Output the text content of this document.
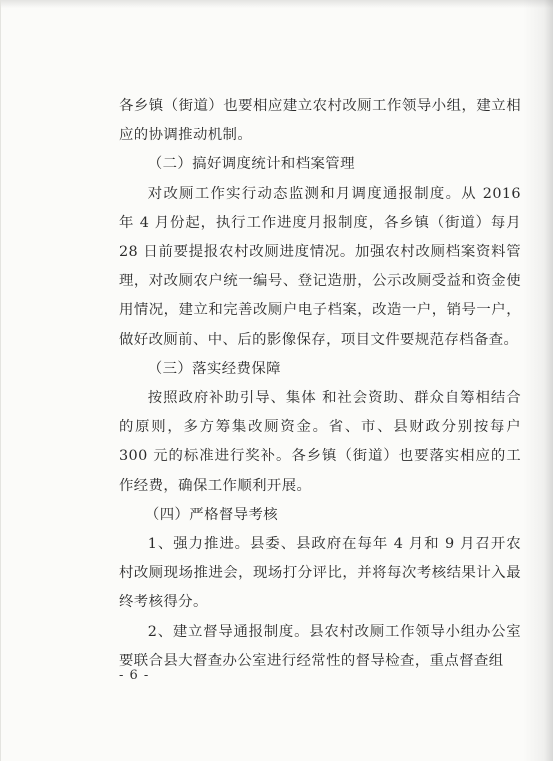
各乡镇（街道）也要相应建立农村改厕工作领导小组，建立相应的协调推动机制。

（二）搞好调度统计和档案管理

对改厕工作实行动态监测和月调度通报制度。从 2016 年 4 月份起，执行工作进度月报制度，各乡镇（街道）每月 28 日前要提报农村改厕进度情况。加强农村改厕档案资料管理，对改厕农户统一编号、登记造册，公示改厕受益和资金使用情况，建立和完善改厕户电子档案，改造一户，销号一户，做好改厕前、中、后的影像保存，项目文件要规范存档备查。

（三）落实经费保障

按照政府补助引导、集体 和社会资助、群众自筹相结合的原则，多方筹集改厕资金。省、市、县财政分别按每户 300 元的标准进行奖补。各乡镇（街道）也要落实相应的工作经费，确保工作顺利开展。

（四）严格督导考核

1、强力推进。县委、县政府在每年 4 月和 9 月召开农村改厕现场推进会，现场打分评比，并将每次考核结果计入最终考核得分。

2、建立督导通报制度。县农村改厕工作领导小组办公室要联合县大督查办公室进行经常性的督导检查，重点督查组

- 6 -
